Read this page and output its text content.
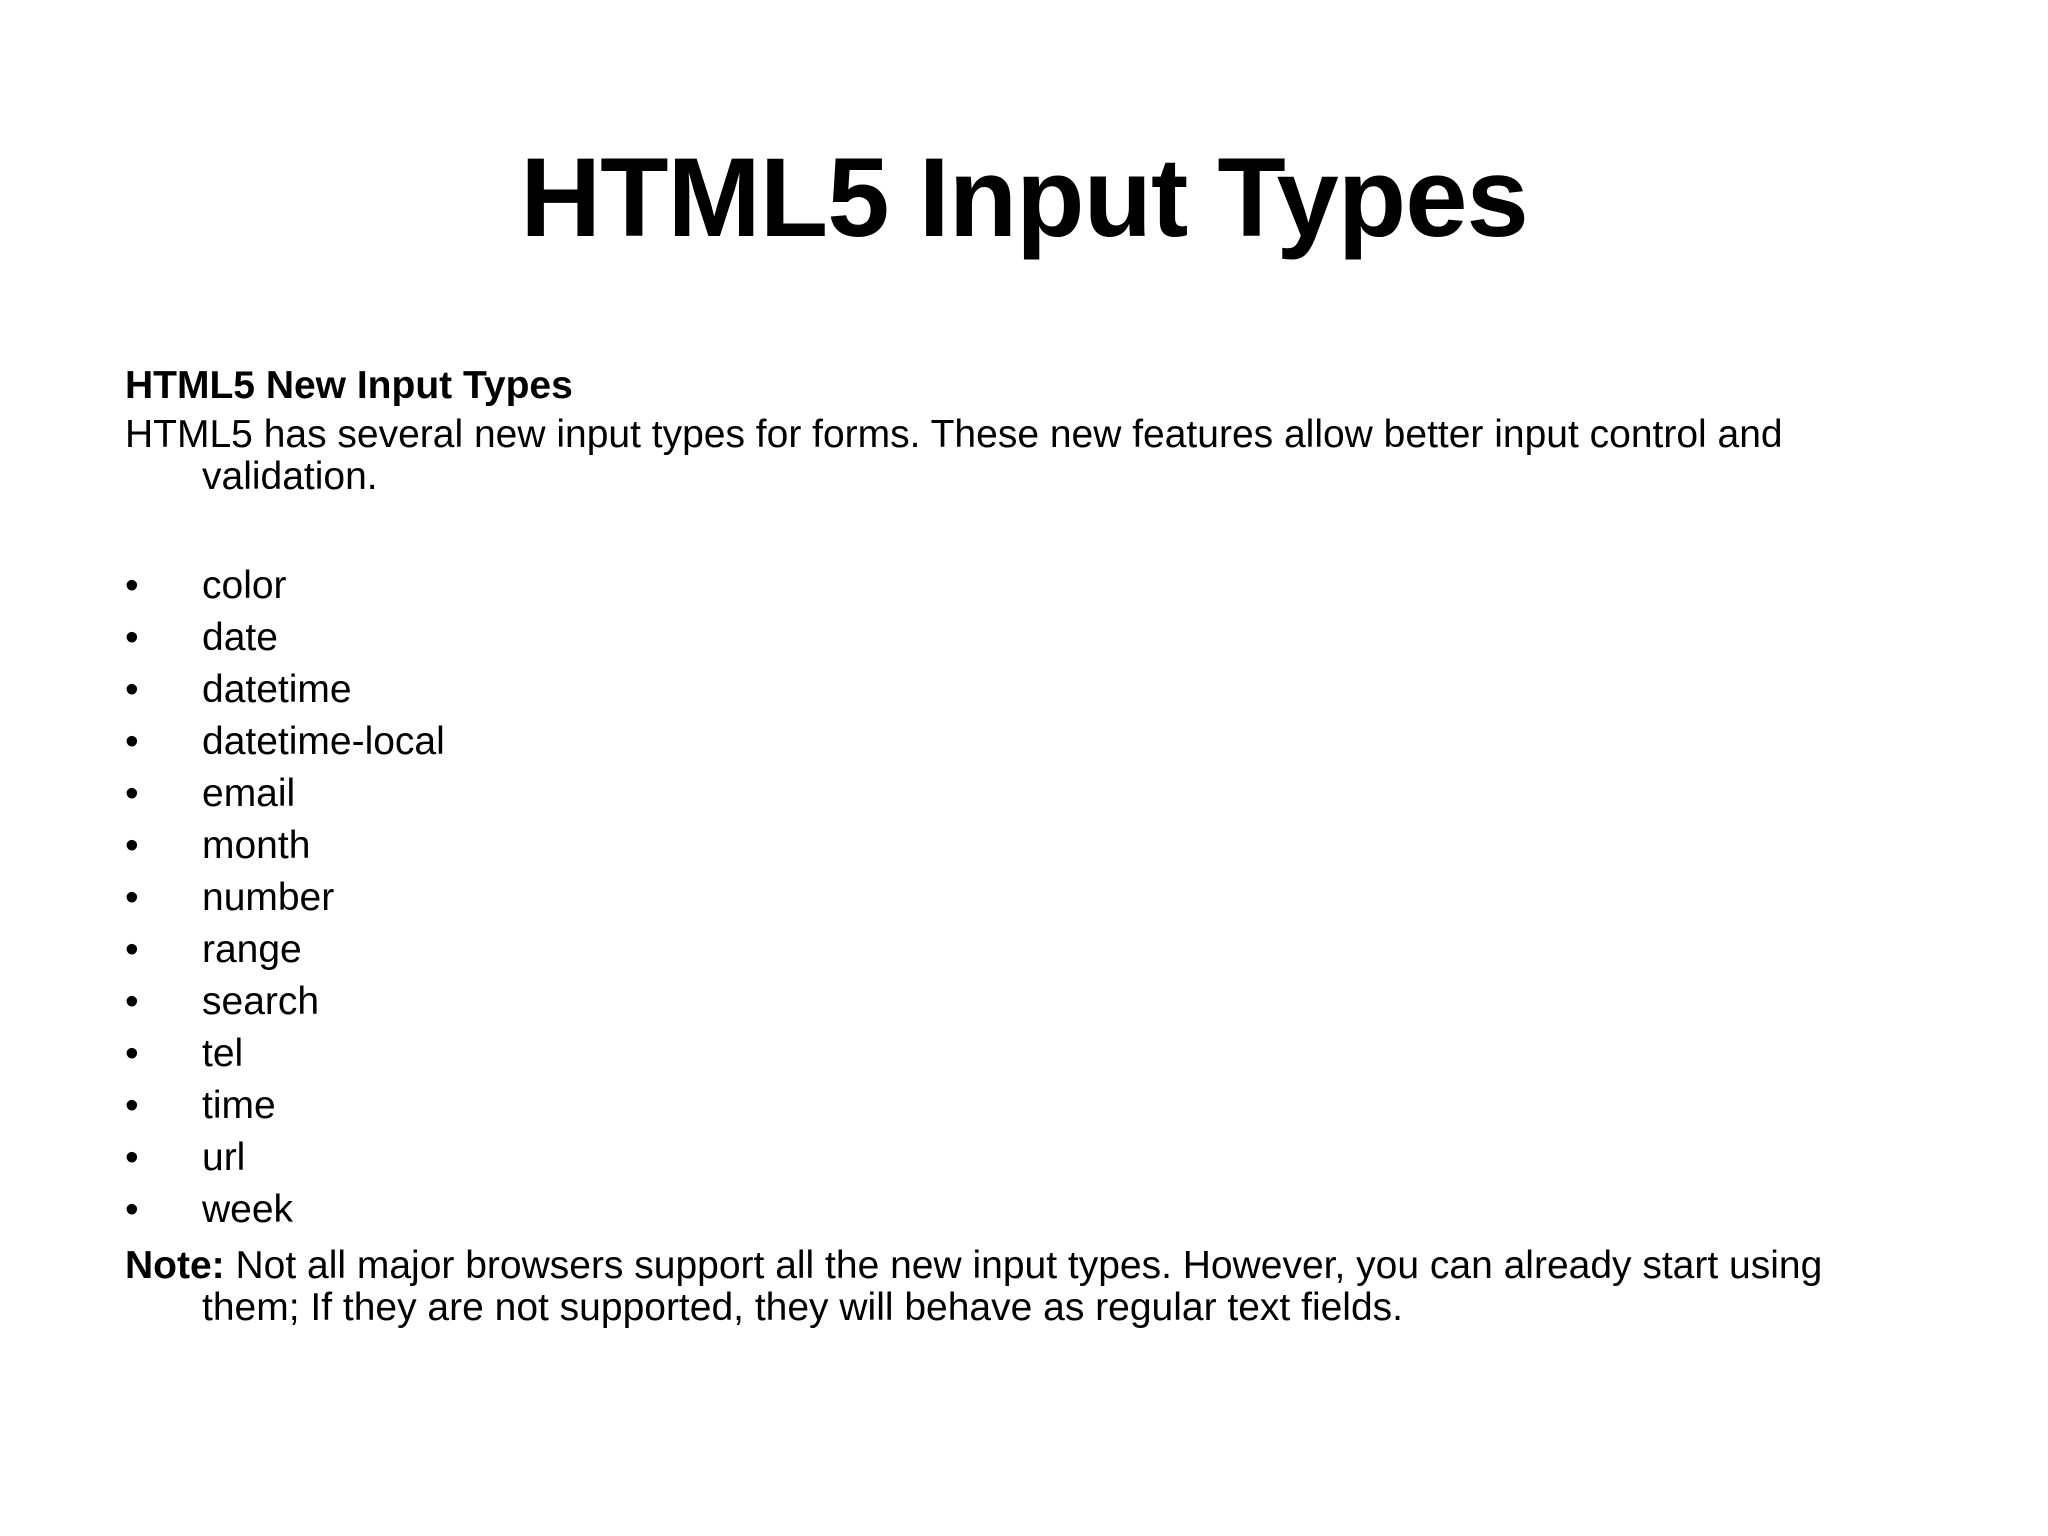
HTML5 Input Types

HTML5 New Input Types

HTML5 has several new input types for forms. These new features allow better input control and validation.

•	color
•	date
•	datetime
•	datetime-local
•	email
•	month
•	number
•	range
•	search
•	tel
•	time
•	url
•	week

Note: Not all major browsers support all the new input types. However, you can already start using them; If they are not supported, they will behave as regular text fields.
